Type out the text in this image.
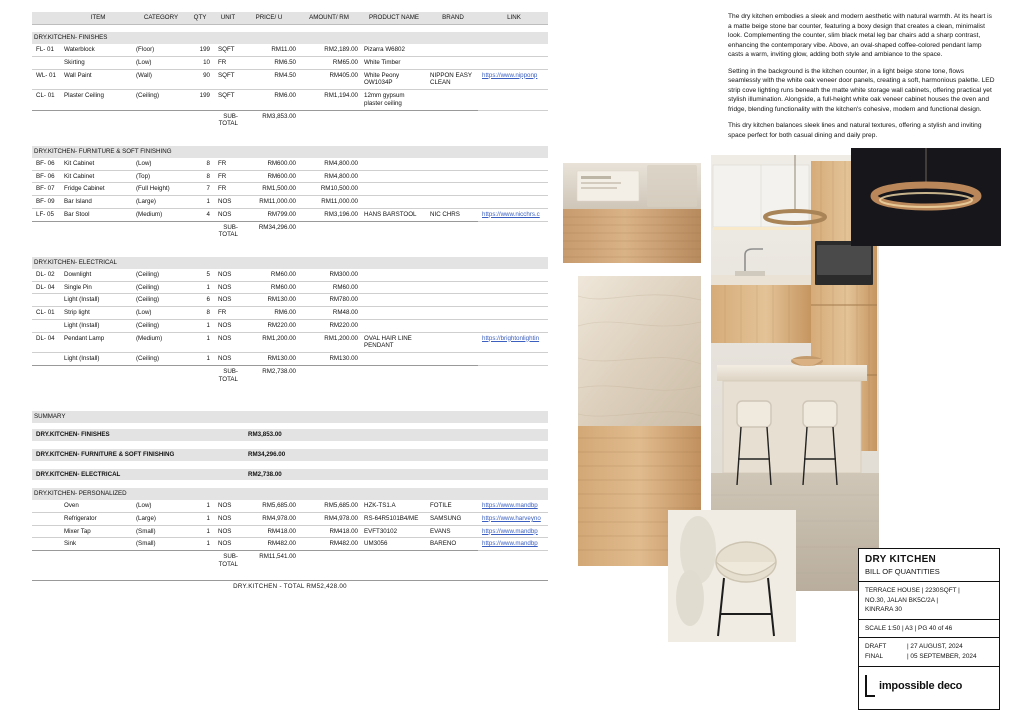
	ITEM	CATEGORY	QTY	UNIT	PRICE/ U	AMOUNT/ RM	PRODUCT NAME	BRAND	LINK

DRY.KITCHEN- FINISHES									
FL- 01	Waterblock	(Floor)	199	SQFT	RM11.00	RM2,189.00	Pizarra W6802		
	Skirting	(Low)	10	FR	RM6.50	RM65.00	White Timber		
WL- 01	Wall Paint	(Wall)	90	SQFT	RM4.50	RM405.00	White Peony OW1034P	NIPPON EASY CLEAN	https://www.nipponp
CL- 01	Plaster Ceiling	(Ceiling)	199	SQFT	RM6.00	RM1,194.00	12mm gypsum plaster ceiling		
				SUB-TOTAL	RM3,853.00				

DRY.KITCHEN- FURNITURE & SOFT FINISHING									
BF- 06	Kit Cabinet	(Low)	8	FR	RM600.00	RM4,800.00			
BF- 06	Kit Cabinet	(Top)	8	FR	RM600.00	RM4,800.00			
BF- 07	Fridge Cabinet	(Full Height)	7	FR	RM1,500.00	RM10,500.00			
BF- 09	Bar Island	(Large)	1	NOS	RM11,000.00	RM11,000.00			
LF- 05	Bar Stool	(Medium)	4	NOS	RM799.00	RM3,196.00	HANS BARSTOOL	NIC CHRS	https://www.nicchrs.c
				SUB-TOTAL	RM34,296.00				

DRY.KITCHEN- ELECTRICAL									
DL- 02	Downlight	(Ceiling)	5	NOS	RM60.00	RM300.00			
DL- 04	Single Pin	(Ceiling)	1	NOS	RM60.00	RM60.00			
	Light (Install)	(Ceiling)	6	NOS	RM130.00	RM780.00			
CL- 01	Strip light	(Low)	8	FR	RM6.00	RM48.00			
	Light (Install)	(Ceiling)	1	NOS	RM220.00	RM220.00			
DL- 04	Pendant Lamp	(Medium)	1	NOS	RM1,200.00	RM1,200.00	OVAL HAIR LINE PENDANT		https://brightonlightin
	Light (Install)	(Ceiling)	1	NOS	RM130.00	RM130.00			
				SUB-TOTAL	RM2,738.00				

SUMMARY									

DRY.KITCHEN- FINISHES					RM3,853.00				

DRY.KITCHEN- FURNITURE & SOFT FINISHING					RM34,296.00				

DRY.KITCHEN- ELECTRICAL					RM2,738.00				

DRY.KITCHEN- PERSONALIZED									
	Oven	(Low)	1	NOS	RM5,685.00	RM5,685.00	HZK-TS1.A	FOTILE	https://www.mandbp
	Refrigerator	(Large)	1	NOS	RM4,978.00	RM4,978.00	RS-64R5101B4/ME	SAMSUNG	https://www.harveyno
	Mixer Tap	(Small)	1	NOS	RM418.00	RM418.00	EVFT30102	EVANS	https://www.mandbp
	Sink	(Small)	1	NOS	RM482.00	RM482.00	UM3056	BARENO	https://www.mandbp
				SUB-TOTAL	RM11,541.00				

DRY.KITCHEN - TOTAL RM52,428.00									

The dry kitchen embodies a sleek and modern aesthetic with natural warmth. At its heart is a matte beige stone bar counter, featuring a boxy design that creates a clean, minimalist look. Complementing the counter, slim black metal leg bar chairs add a sharp contrast, enhancing the contemporary vibe. Above, an oval-shaped coffee-colored pendant lamp casts a warm, inviting glow, adding both style and ambiance to the space.

Setting in the background is the kitchen counter, in a light beige stone tone, flows seamlessly with the white oak veneer door panels, creating a soft, harmonious palette. LED strip cove lighting runs beneath the matte white storage wall cabinets, offering practical yet stylish illumination. Alongside, a full-height white oak veneer cabinet houses the oven and fridge, blending functionality with the kitchen's cohesive, modern and functional design.

This dry kitchen balances sleek lines and natural textures, offering a stylish and inviting space perfect for both casual dining and daily prep.

DRY KITCHEN
BILL OF QUANTITIES
TERRACE HOUSE | 2230SQFT |
NO.30, JALAN BK5C/2A |
KINRARA 30
SCALE 1:50 | A3 | PG 40 of 46
DRAFT	| 27 AUGUST, 2024
FINAL	| 05 SEPTEMBER, 2024
impossible deco
